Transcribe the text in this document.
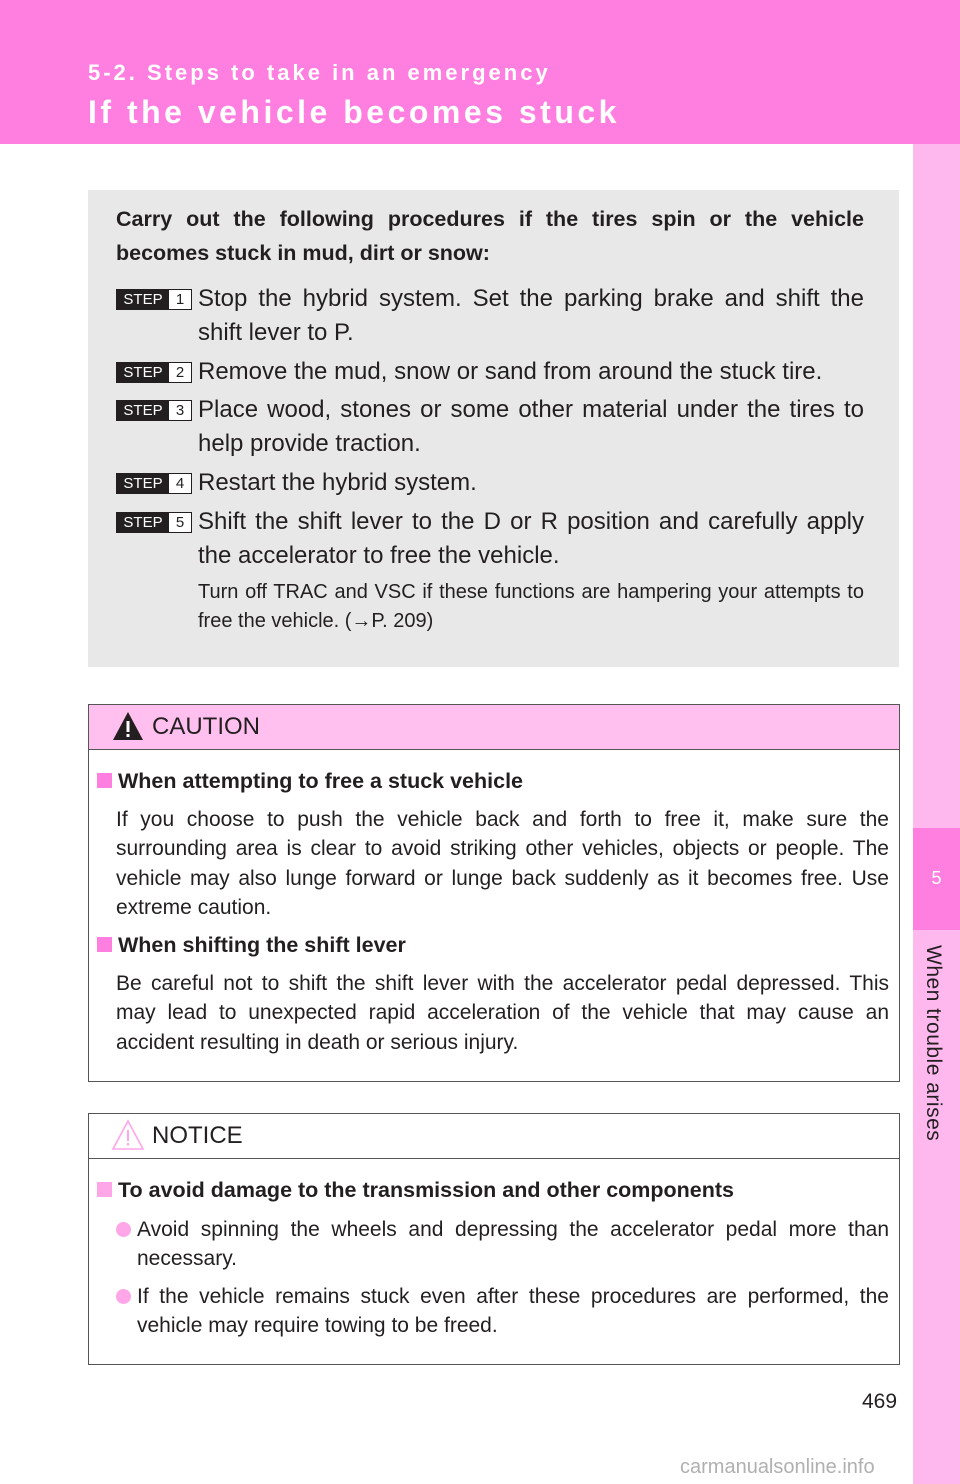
5-2. Steps to take in an emergency
If the vehicle becomes stuck
5
When trouble arises
Carry out the following procedures if the tires spin or the vehicle becomes stuck in mud, dirt or snow:
STEP 1 Stop the hybrid system. Set the parking brake and shift the shift lever to P.
STEP 2 Remove the mud, snow or sand from around the stuck tire.
STEP 3 Place wood, stones or some other material under the tires to help provide traction.
STEP 4 Restart the hybrid system.
STEP 5 Shift the shift lever to the D or R position and carefully apply the accelerator to free the vehicle.
Turn off TRAC and VSC if these functions are hampering your attempts to free the vehicle. (→P. 209)
CAUTION
When attempting to free a stuck vehicle
If you choose to push the vehicle back and forth to free it, make sure the surrounding area is clear to avoid striking other vehicles, objects or people. The vehicle may also lunge forward or lunge back suddenly as it becomes free. Use extreme caution.
When shifting the shift lever
Be careful not to shift the shift lever with the accelerator pedal depressed. This may lead to unexpected rapid acceleration of the vehicle that may cause an accident resulting in death or serious injury.
NOTICE
To avoid damage to the transmission and other components
Avoid spinning the wheels and depressing the accelerator pedal more than necessary.
If the vehicle remains stuck even after these procedures are performed, the vehicle may require towing to be freed.
469
carmanualsonline.info
